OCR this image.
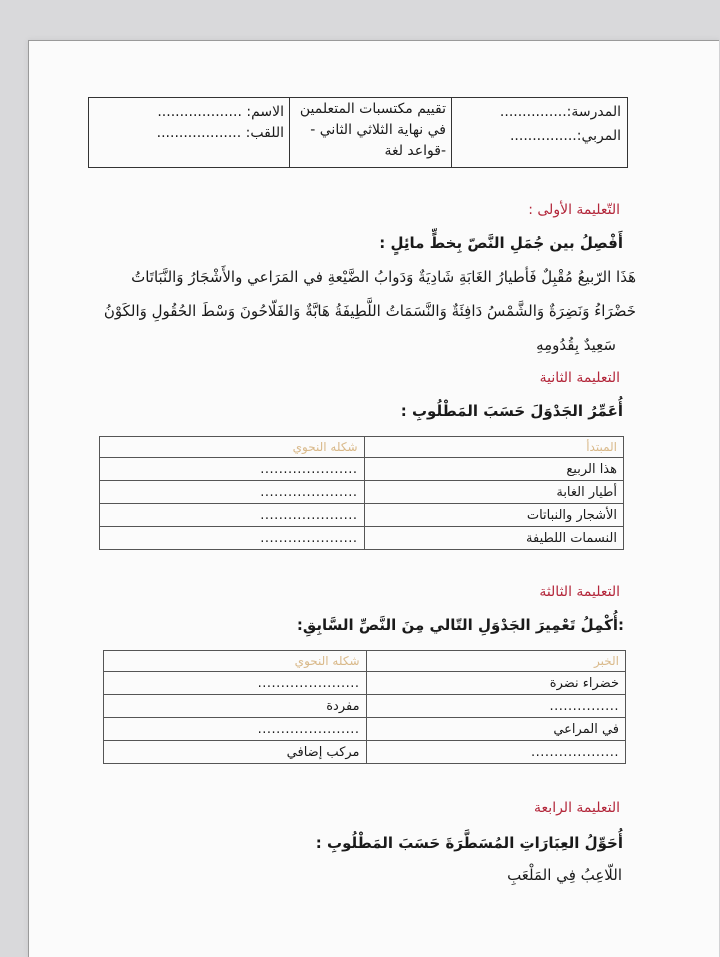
المدرسة:...............
المربي:...............
تقييم مكتسبات المتعلمين
في نهاية الثلاثي الثاني -
-قواعد لغة
الاسم: ...................
اللقب: ...................
التّعليمة الأولى :
أَفْصِلُ بين جُمَلِ النَّصّ بِخطٍّ مائِلٍ :
هَذَا الرّبيعُ مُقْبِلٌ فَأطيارُ الغَابَةِ شَادِيَةٌ وَدَوابُ الضَّيْعةِ في المَرَاعي والأَشْجَارُ وَالنَّبَاتَاتُ
خَضْرَاءُ وَنَضِرَةٌ وَالشَّمْسُ دَافِئَةٌ وَالنَّسَمَاتُ اللَّطِيفَةُ هَابَّةٌ وَالفَلّاحُونَ وَسْطَ الحُقُولِ وَالكَوْنُ
سَعِيدٌ بِقُدُومِهِ
التعليمة الثانية
أُعَمِّرُ الجَدْوَلَ حَسَبَ المَطْلُوبِ :
المبتدأ	شكله النحوي
هذا الربيع	.....................
أطيار الغابة	.....................
الأشجار والنباتات	.....................
النسمات اللطيفة	.....................
التعليمة الثالثة
:أُكْمِلُ تَعْمِيرَ الجَدْوَلِ التّالي مِنَ النَّصِّ السَّابِقِ:
الخبر	شكله النحوي
خضراء نضرة	......................
...............	مفردة
في المراعي	......................
...................	مركب إضافي
التعليمة الرابعة
أُحَوِّلُ العِبَارَاتِ المُسَطَّرَةَ حَسَبَ المَطْلُوبِ :
اللّاعِبُ فِي المَلْعَبِ
